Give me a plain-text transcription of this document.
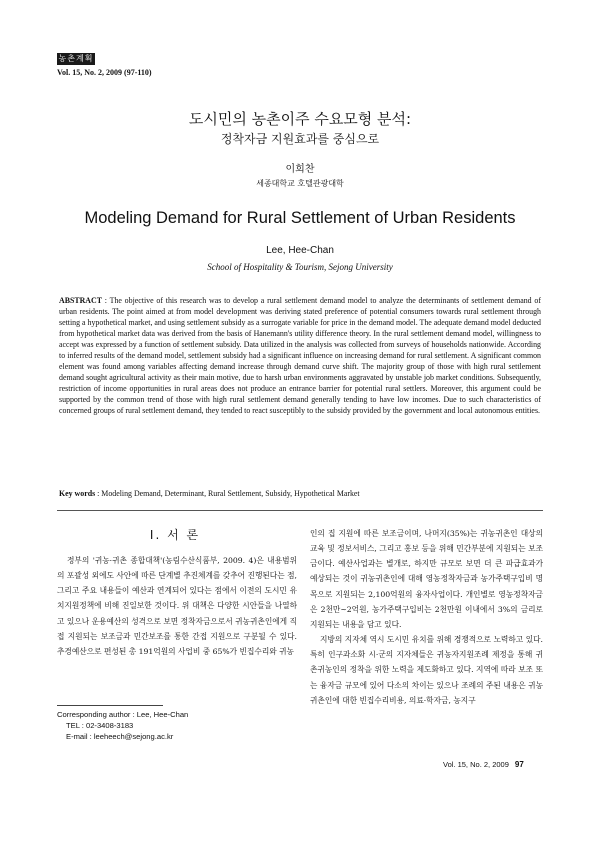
농촌계획
Vol. 15, No. 2, 2009 (97-110)
도시민의 농촌이주 수요모형 분석:
정착자금 지원효과를 중심으로
이희찬
세종대학교 호텔관광대학
Modeling Demand for Rural Settlement of Urban Residents
Lee, Hee-Chan
School of Hospitality & Tourism, Sejong University
ABSTRACT : The objective of this research was to develop a rural settlement demand model to analyze the determinants of settlement demand of urban residents. The point aimed at from model development was deriving stated preference of potential consumers towards rural settlement through setting a hypothetical market, and using settlement subsidy as a surrogate variable for price in the demand model. The adequate demand model deducted from hypothetical market data was derived from the basis of Hanemann's utility difference theory. In the rural settlement demand model, willingness to accept was expressed by a function of settlement subsidy. Data utilized in the analysis was collected from surveys of households nationwide. According to inferred results of the demand model, settlement subsidy had a significant influence on increasing demand for rural settlement. A significant common element was found among variables affecting demand increase through demand curve shift. The majority group of those with high rural settlement demand sought agricultural activity as their main motive, due to harsh urban environments aggravated by unstable job market conditions. Subsequently, restriction of income opportunities in rural areas does not produce an entrance barrier for potential rural settlers. Moreover, this argument could be supported by the common trend of those with high rural settlement demand generally tending to have low incomes. Due to such characteristics of concerned groups of rural settlement demand, they tended to react susceptibly to the subsidy provided by the government and local autonomous entities.
Key words : Modeling Demand, Determinant, Rural Settlement, Subsidy, Hypothetical Market
I. 서 론
정부의 '귀농·귀촌 종합대책'(농림수산식품부, 2009. 4)은 내용범위의 포괄성 외에도 사안에 따른 단계별 추진체계를 갖추어 진행된다는 점, 그리고 주요 내용들이 예산과 연계되어 있다는 점에서 이전의 도시민 유치지원정책에 비해 진일보한 것이다. 위 대책은 다양한 시안들을 나열하고 있으나 운용예산의 성격으로 보면 정착자금으로서 귀농귀촌인에게 직접 지원되는 보조금과 민간보조를 통한 간접 지원으로 구분될 수 있다. 추경예산으로 편성된 총 191억원의 사업비 중 65%가 빈집수리와 귀농
인의 집 지원에 따른 보조금이며, 나머지(35%)는 귀농귀촌인 대상의 교육 및 정보서비스, 그리고 홍보 등을 위해 민간부분에 지원되는 보조금이다. 예산사업과는 별개로, 하지만 규모로 보면 더 큰 파급효과가 예상되는 것이 귀농귀촌인에 대해 영농정착자금과 농가주택구입비 명목으로 지원되는 2,100억원의 융자사업이다. 개인별로 영농정착자금은 2천만~2억원, 농가주택구입비는 2천만원 이내에서 3%의 금리로 지원되는 내용을 담고 있다.
지방의 지자체 역시 도시민 유치를 위해 경쟁적으로 노력하고 있다. 특히 인구과소화 시·군의 지자체들은 귀농자지원조례 제정을 통해 귀촌귀농인의 정착을 위한 노력을 제도화하고 있다. 지역에 따라 보조 또는 융자금 규모에 있어 다소의 차이는 있으나 조례의 주된 내용은 귀농귀촌인에 대한 빈집수리비용, 의료·학자금, 농지구
Corresponding author : Lee, Hee-Chan
TEL : 02-3408-3183
E-mail : leeheech@sejong.ac.kr
Vol. 15, No. 2, 2009 97
